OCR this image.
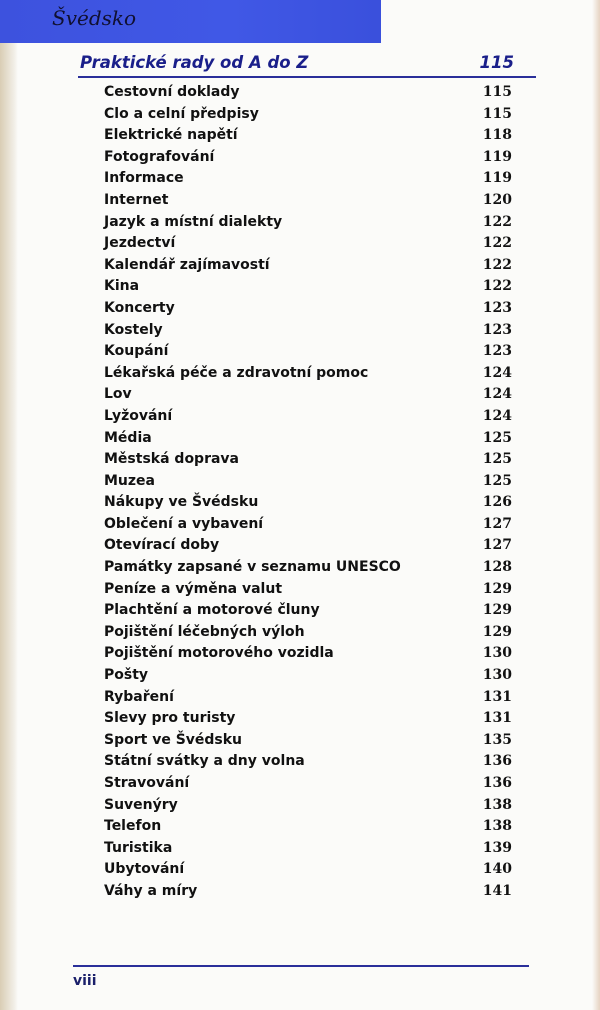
Švédsko
Praktické rady od A do Z	115
Cestovní doklady	115
Clo a celní předpisy	115
Elektrické napětí	118
Fotografování	119
Informace	119
Internet	120
Jazyk a místní dialekty	122
Jezdectví	122
Kalendář zajímavostí	122
Kina	122
Koncerty	123
Kostely	123
Koupání	123
Lékařská péče a zdravotní pomoc	124
Lov	124
Lyžování	124
Média	125
Městská doprava	125
Muzea	125
Nákupy ve Švédsku	126
Oblečení a vybavení	127
Otevírací doby	127
Památky zapsané v seznamu UNESCO	128
Peníze a výměna valut	129
Plachtění a motorové čluny	129
Pojištění léčebných výloh	129
Pojištění motorového vozidla	130
Pošty	130
Rybaření	131
Slevy pro turisty	131
Sport ve Švédsku	135
Státní svátky a dny volna	136
Stravování	136
Suvenýry	138
Telefon	138
Turistika	139
Ubytování	140
Váhy a míry	141
viii
